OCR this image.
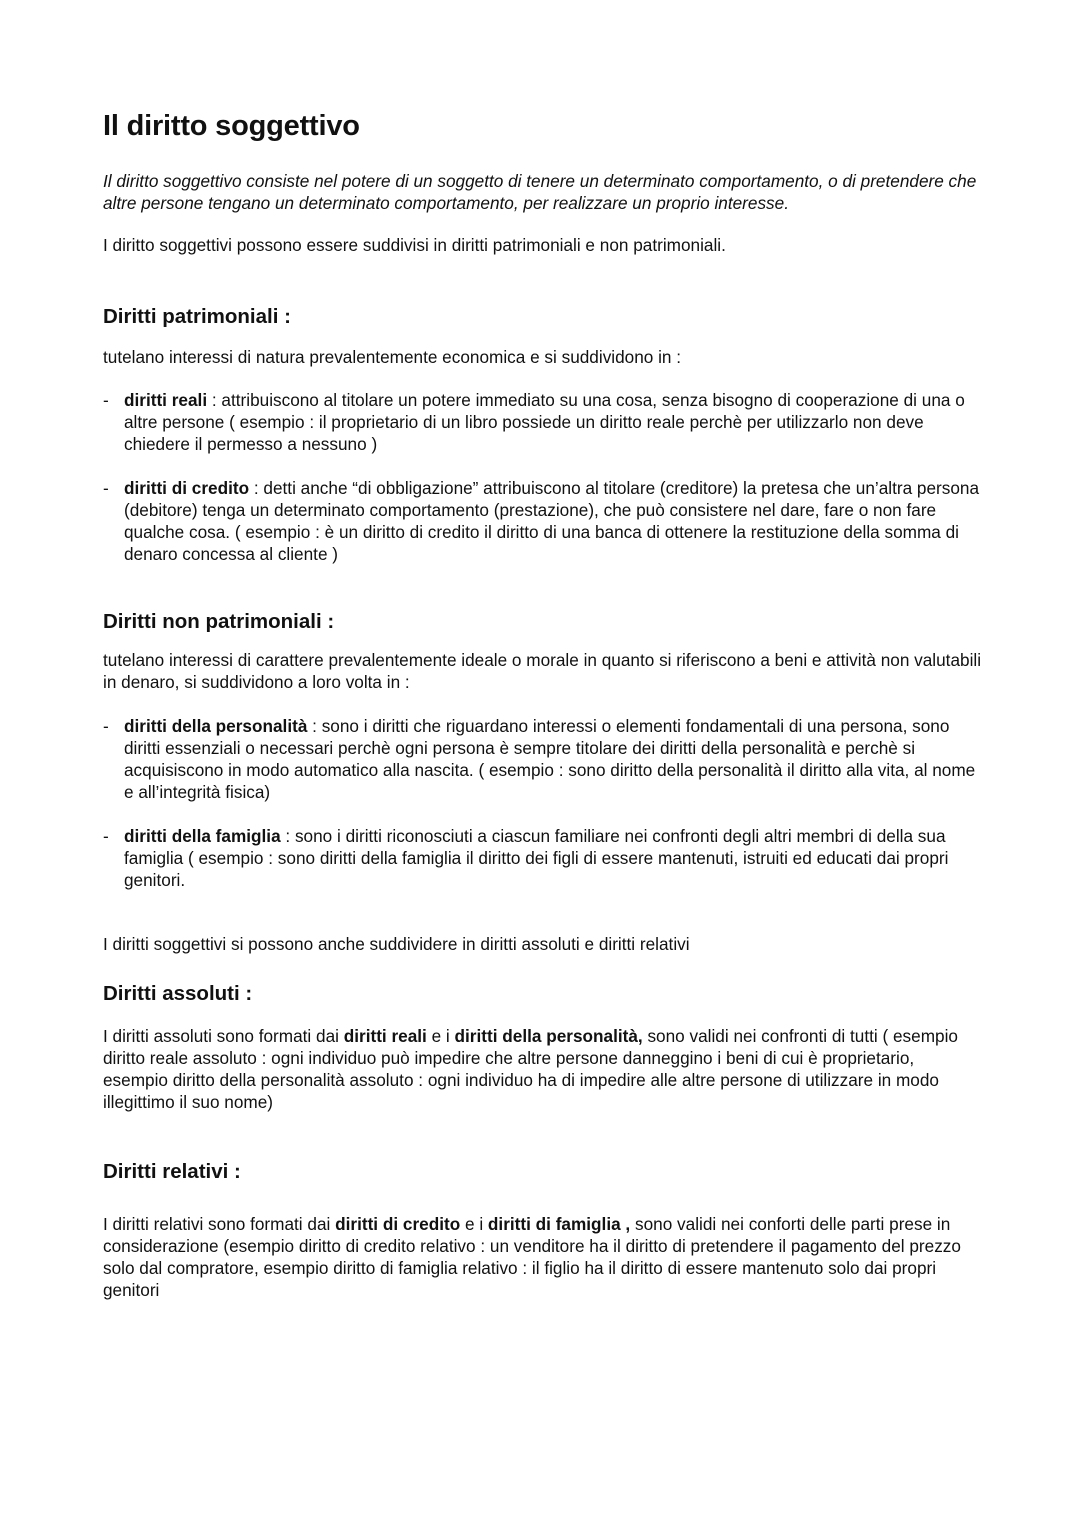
Il diritto soggettivo

Il diritto soggettivo consiste nel potere di un soggetto di tenere un determinato comportamento, o di pretendere che altre persone tengano un determinato comportamento, per realizzare un proprio interesse.

I diritto soggettivi possono essere suddivisi in diritti patrimoniali e non patrimoniali.

Diritti patrimoniali :

tutelano interessi di natura prevalentemente economica e si suddividono in :

- diritti reali : attribuiscono al titolare un potere immediato su una cosa, senza bisogno di cooperazione di una o altre persone ( esempio : il proprietario di un libro possiede un diritto reale perchè per utilizzarlo non deve chiedere il permesso a nessuno )
- diritti di credito : detti anche “di obbligazione” attribuiscono al titolare (creditore) la pretesa che un’altra persona (debitore) tenga un determinato comportamento (prestazione), che può consistere nel dare, fare o non fare qualche cosa. ( esempio : è un diritto di credito il diritto di una banca di ottenere la restituzione della somma di denaro concessa al cliente )
Diritti non patrimoniali :

tutelano interessi di carattere prevalentemente ideale o morale in quanto si riferiscono a beni e attività non valutabili in denaro, si suddividono a loro volta in :

- diritti della personalità : sono i diritti che riguardano interessi o elementi fondamentali di una persona, sono diritti essenziali o necessari perchè ogni persona è sempre titolare dei diritti della personalità e perchè si acquisiscono in modo automatico alla nascita. ( esempio : sono diritto della personalità il diritto alla vita, al nome e all’integrità fisica)
- diritti della famiglia : sono i diritti riconosciuti a ciascun familiare nei confronti degli altri membri di della sua famiglia ( esempio : sono diritti della famiglia il diritto dei figli di essere mantenuti, istruiti ed educati dai propri genitori.

I diritti soggettivi si possono anche suddividere in diritti assoluti e diritti relativi

Diritti assoluti :

I diritti assoluti sono formati dai diritti reali e i diritti della personalità, sono validi nei confronti di tutti ( esempio diritto reale assoluto : ogni individuo può impedire che altre persone danneggino i beni di cui è proprietario, esempio diritto della personalità assoluto : ogni individuo ha di impedire alle altre persone di utilizzare in modo illegittimo il suo nome)

Diritti relativi :

I diritti relativi sono formati dai diritti di credito e i diritti di famiglia , sono validi nei conforti delle parti prese in considerazione (esempio diritto di credito relativo : un venditore ha il diritto di pretendere il pagamento del prezzo solo dal compratore, esempio diritto di famiglia relativo : il figlio ha il diritto di essere mantenuto solo dai propri genitori
